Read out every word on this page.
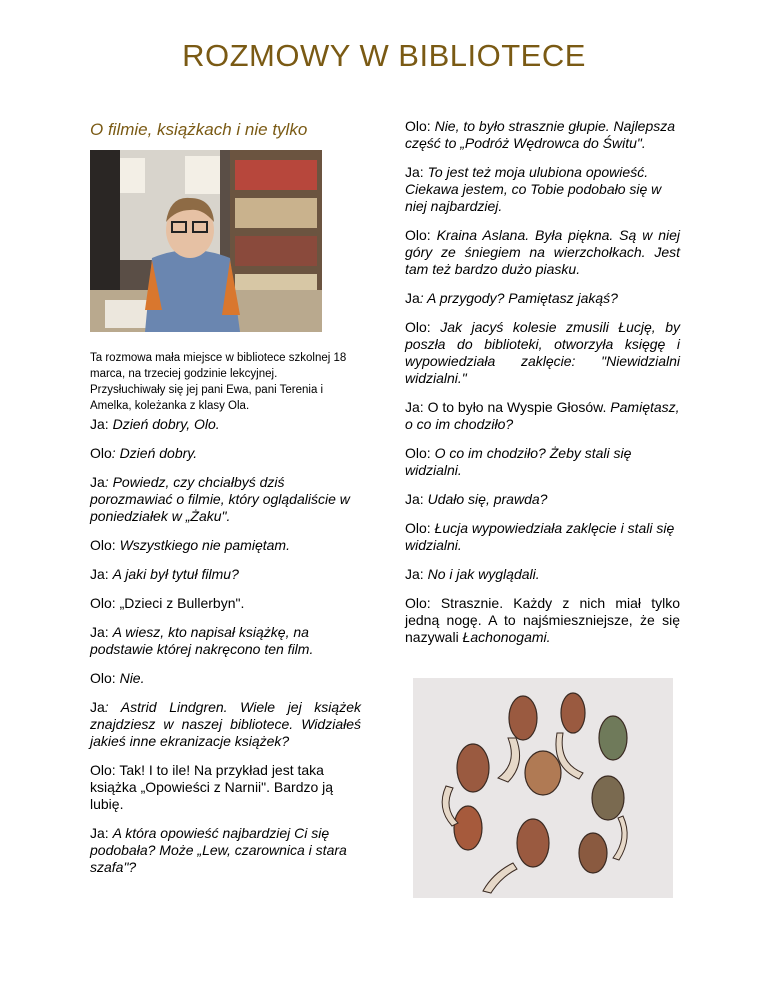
ROZMOWY W BIBLIOTECE
O filmie, książkach i nie tylko
Ta rozmowa mała miejsce w bibliotece szkolnej 18 marca, na trzeciej godzinie lekcyjnej. Przysłuchiwały się jej pani Ewa, pani Terenia i Amelka, koleżanka z klasy Ola.

Ja: Dzień dobry, Olo.

Olo: Dzień dobry.

Ja: Powiedz, czy chciałbyś dziś porozmawiać o filmie, który oglądaliście w poniedziałek w „Żaku".

Olo: Wszystkiego nie pamiętam.

Ja: A jaki był tytuł filmu?

Olo: „Dzieci z Bullerbyn".

Ja: A wiesz, kto napisał książkę, na podstawie której nakręcono ten film.

Olo: Nie.

Ja: Astrid Lindgren. Wiele jej książek znajdziesz w naszej bibliotece. Widziałeś jakieś inne ekranizacje książek?

Olo: Tak! I to ile! Na przykład jest taka książka „Opowieści z Narnii". Bardzo ją lubię.

Ja: A która opowieść najbardziej Ci się podobała? Może „Lew, czarownica i stara szafa"?

Olo: Nie, to było strasznie głupie. Najlepsza część to „Podróż Wędrowca do Świtu".

Ja: To jest też moja ulubiona opowieść. Ciekawa jestem, co Tobie podobało się w niej najbardziej.

Olo: Kraina Aslana. Była piękna. Są w niej góry ze śniegiem na wierzchołkach. Jest tam też bardzo dużo piasku.

Ja: A przygody? Pamiętasz jakąś?

Olo: Jak jacyś kolesie zmusili Łucję, by poszła do biblioteki, otworzyła księgę i wypowiedziała zaklęcie: "Niewidzialni widzialni."

Ja: O to było na Wyspie Głosów. Pamiętasz, o co im chodziło?

Olo: O co im chodziło? Żeby stali się widzialni.

Ja: Udało się, prawda?

Olo: Łucja wypowiedziała zaklęcie i stali się widzialni.

Ja: No i jak wyglądali.

Olo: Strasznie. Każdy z nich miał tylko jedną nogę. A to najśmieszniejsze, że się nazywali Łachonogami.
